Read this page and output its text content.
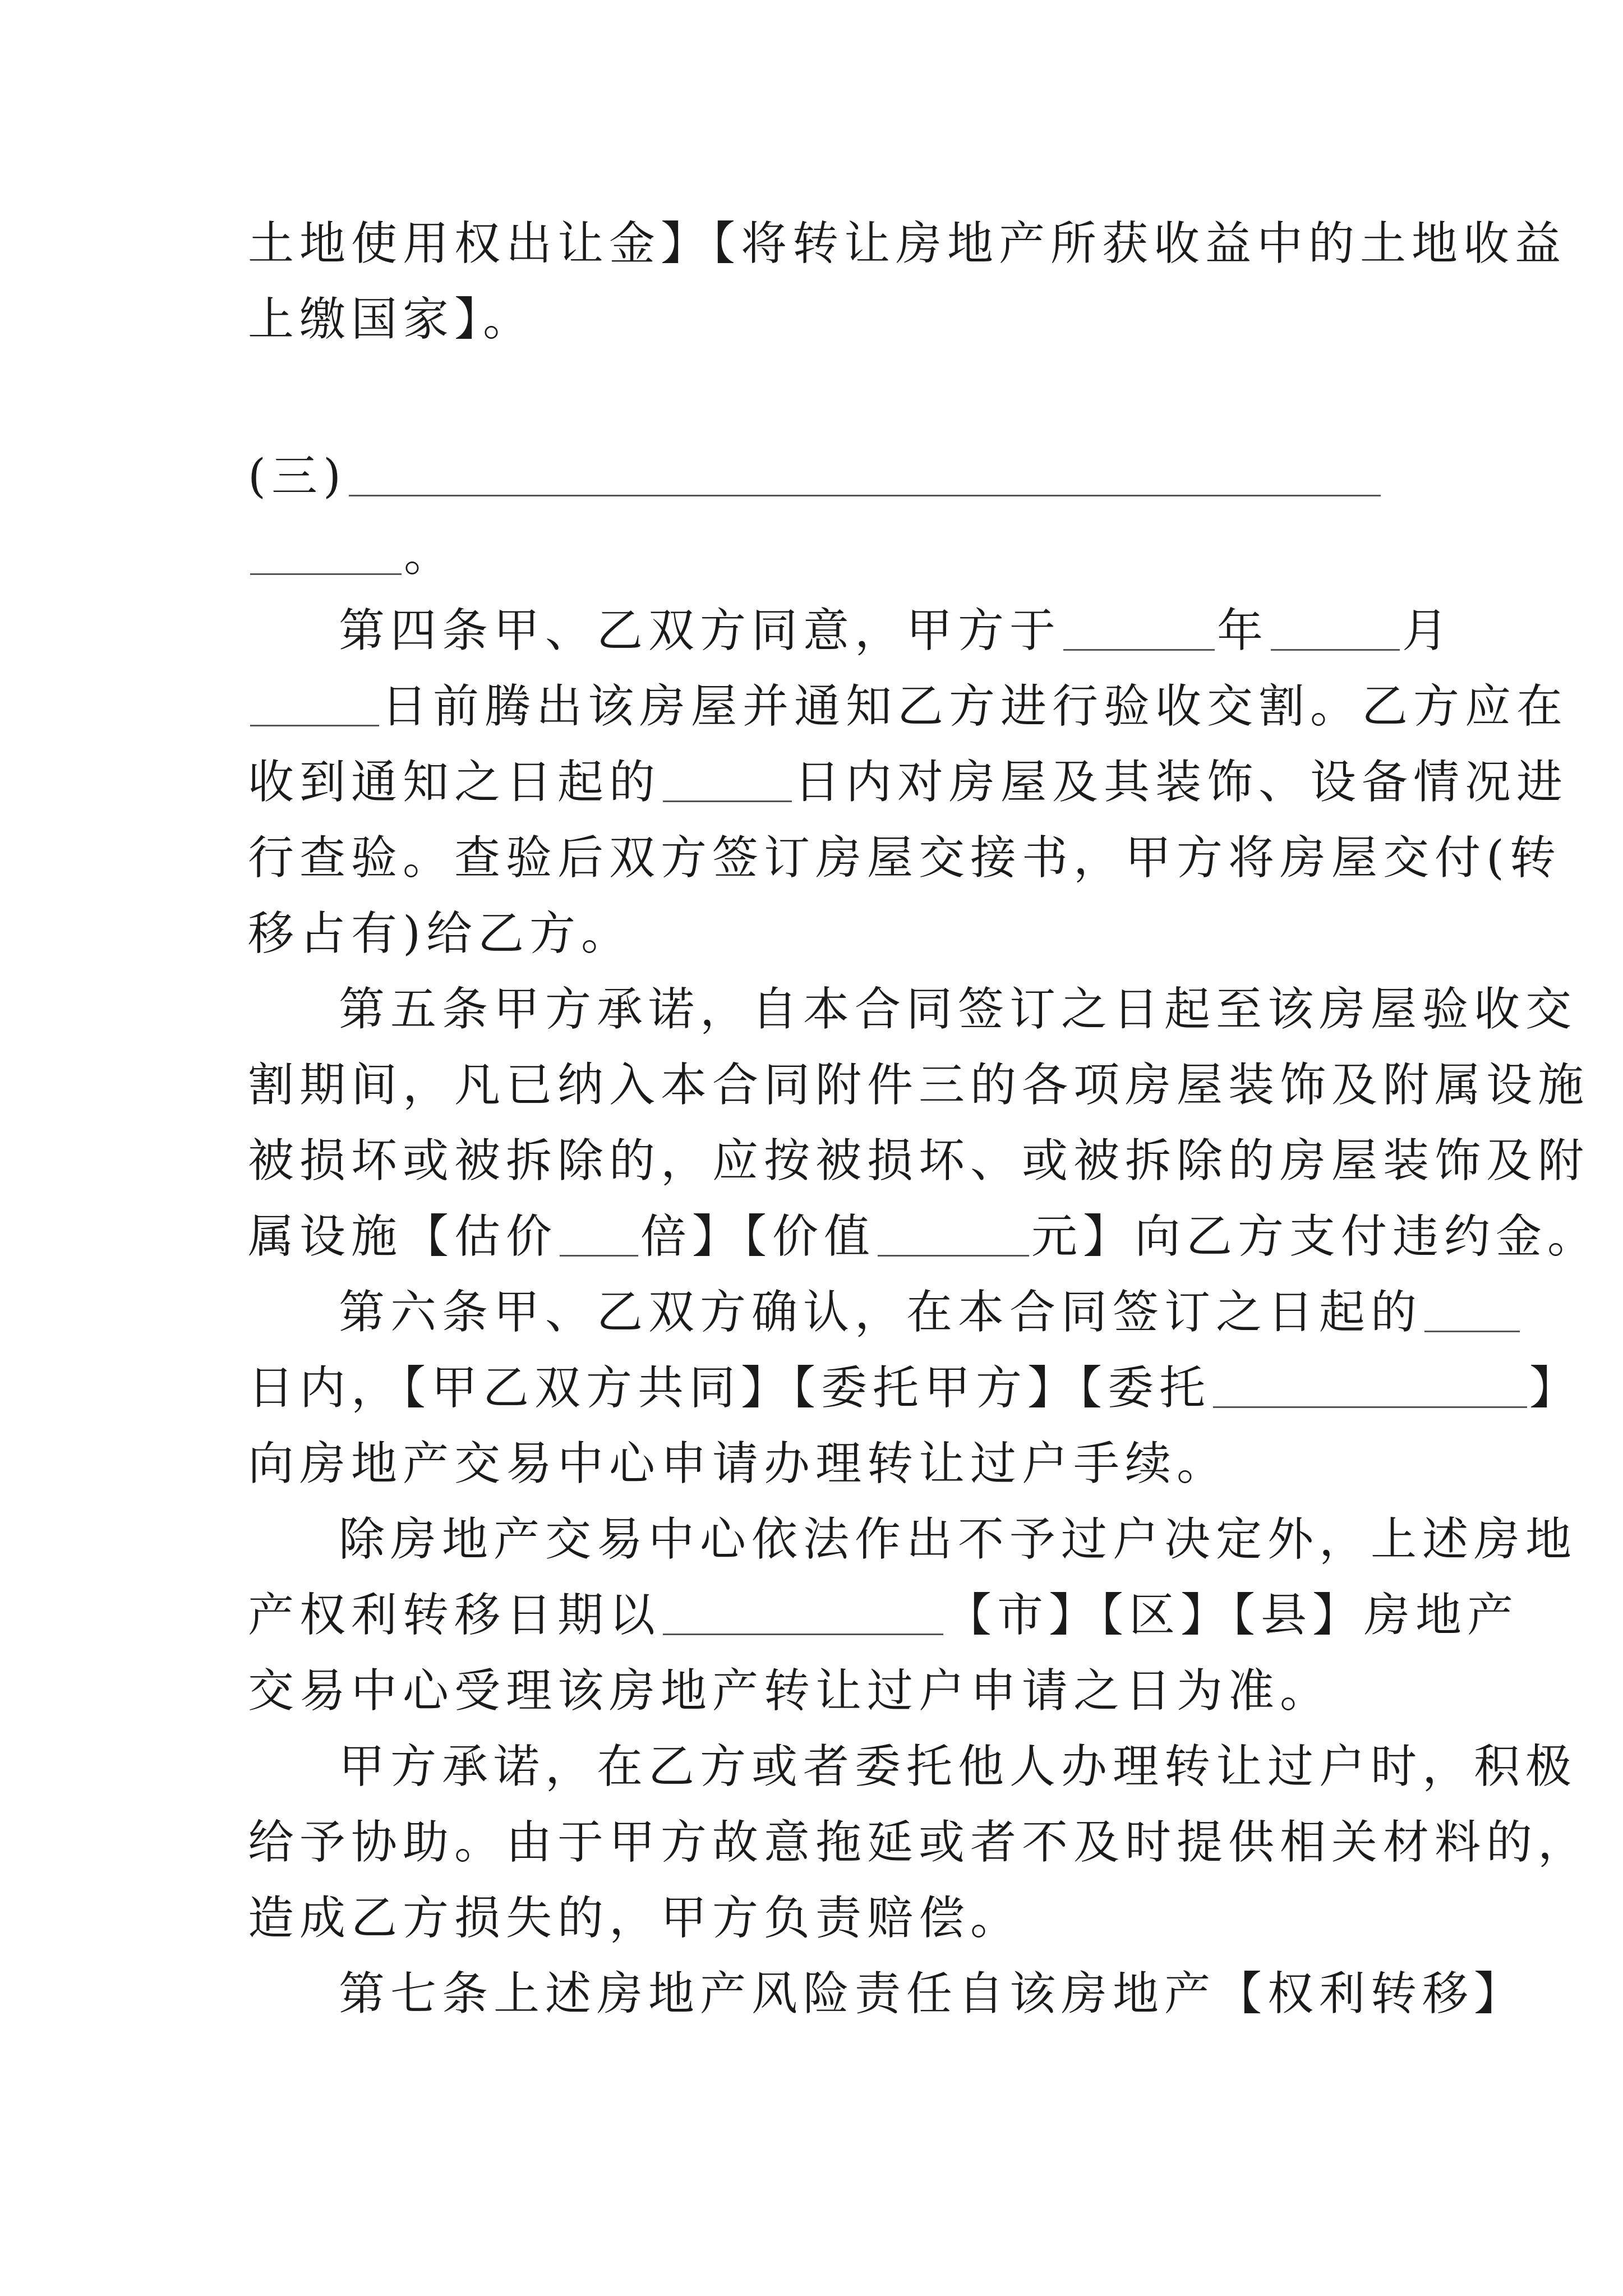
土地使用权出让金】【将转让房地产所获收益中的土地收益
上缴国家】。
(三)
。
第四条甲、乙双方同意，甲方于	年	月
日前腾出该房屋并通知乙方进行验收交割。乙方应在
收到通知之日起的	日内对房屋及其装饰、设备情况进
行查验。查验后双方签订房屋交接书，甲方将房屋交付(转
移占有)给乙方。
第五条甲方承诺，自本合同签订之日起至该房屋验收交
割期间，凡已纳入本合同附件三的各项房屋装饰及附属设施
被损坏或被拆除的，应按被损坏、或被拆除的房屋装饰及附
属设施【估价 倍】【价值	元】向乙方支付违约金。
第六条甲、乙双方确认，在本合同签订之日起的
日内，【甲乙双方共同】【委托甲方】【委托	】
向房地产交易中心申请办理转让过户手续。
除房地产交易中心依法作出不予过户决定外，上述房地
产权利转移日期以	【市】【区】【县】房地产
交易中心受理该房地产转让过户申请之日为准。
甲方承诺，在乙方或者委托他人办理转让过户时，积极
给予协助。由于甲方故意拖延或者不及时提供相关材料的，
造成乙方损失的，甲方负责赔偿。
第七条上述房地产风险责任自该房地产【权利转移】
